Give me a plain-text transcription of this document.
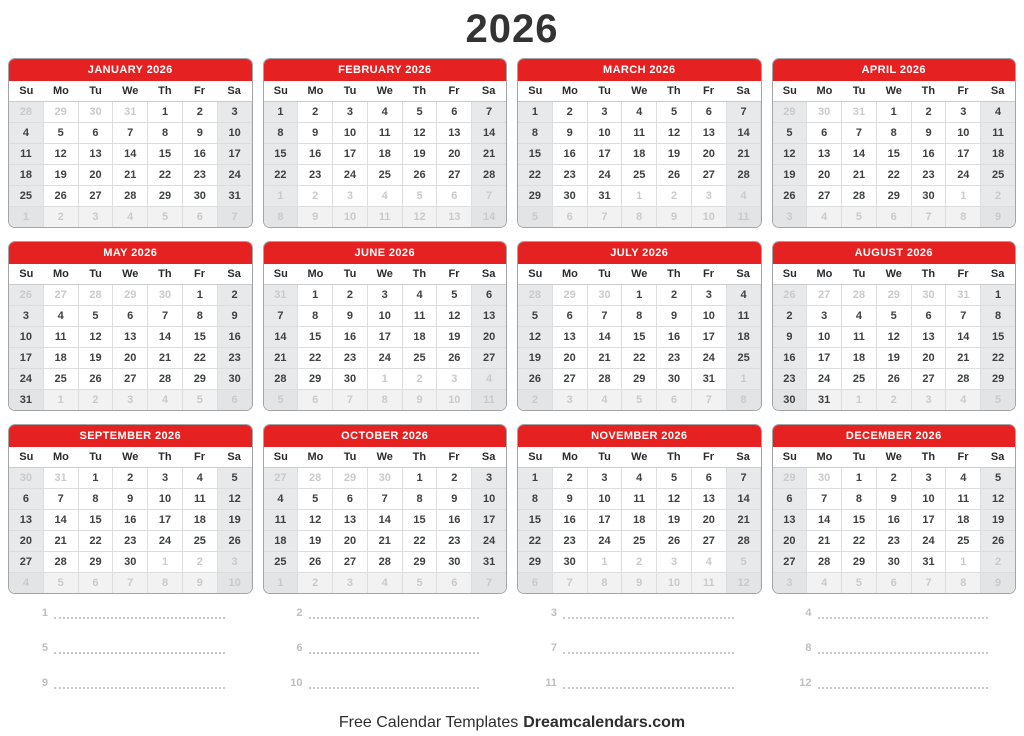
2026
JANUARY 2026
Su	Mo	Tu	We	Th	Fr	Sa
28	29	30	31	1	2	3
4	5	6	7	8	9	10
11	12	13	14	15	16	17
18	19	20	21	22	23	24
25	26	27	28	29	30	31
1	2	3	4	5	6	7
FEBRUARY 2026
Su	Mo	Tu	We	Th	Fr	Sa
1	2	3	4	5	6	7
8	9	10	11	12	13	14
15	16	17	18	19	20	21
22	23	24	25	26	27	28
1	2	3	4	5	6	7
8	9	10	11	12	13	14
MARCH 2026
Su	Mo	Tu	We	Th	Fr	Sa
1	2	3	4	5	6	7
8	9	10	11	12	13	14
15	16	17	18	19	20	21
22	23	24	25	26	27	28
29	30	31	1	2	3	4
5	6	7	8	9	10	11
APRIL 2026
Su	Mo	Tu	We	Th	Fr	Sa
29	30	31	1	2	3	4
5	6	7	8	9	10	11
12	13	14	15	16	17	18
19	20	21	22	23	24	25
26	27	28	29	30	1	2
3	4	5	6	7	8	9
MAY 2026
Su	Mo	Tu	We	Th	Fr	Sa
26	27	28	29	30	1	2
3	4	5	6	7	8	9
10	11	12	13	14	15	16
17	18	19	20	21	22	23
24	25	26	27	28	29	30
31	1	2	3	4	5	6
JUNE 2026
Su	Mo	Tu	We	Th	Fr	Sa
31	1	2	3	4	5	6
7	8	9	10	11	12	13
14	15	16	17	18	19	20
21	22	23	24	25	26	27
28	29	30	1	2	3	4
5	6	7	8	9	10	11
JULY 2026
Su	Mo	Tu	We	Th	Fr	Sa
28	29	30	1	2	3	4
5	6	7	8	9	10	11
12	13	14	15	16	17	18
19	20	21	22	23	24	25
26	27	28	29	30	31	1
2	3	4	5	6	7	8
AUGUST 2026
Su	Mo	Tu	We	Th	Fr	Sa
26	27	28	29	30	31	1
2	3	4	5	6	7	8
9	10	11	12	13	14	15
16	17	18	19	20	21	22
23	24	25	26	27	28	29
30	31	1	2	3	4	5
SEPTEMBER 2026
Su	Mo	Tu	We	Th	Fr	Sa
30	31	1	2	3	4	5
6	7	8	9	10	11	12
13	14	15	16	17	18	19
20	21	22	23	24	25	26
27	28	29	30	1	2	3
4	5	6	7	8	9	10
OCTOBER 2026
Su	Mo	Tu	We	Th	Fr	Sa
27	28	29	30	1	2	3
4	5	6	7	8	9	10
11	12	13	14	15	16	17
18	19	20	21	22	23	24
25	26	27	28	29	30	31
1	2	3	4	5	6	7
NOVEMBER 2026
Su	Mo	Tu	We	Th	Fr	Sa
1	2	3	4	5	6	7
8	9	10	11	12	13	14
15	16	17	18	19	20	21
22	23	24	25	26	27	28
29	30	1	2	3	4	5
6	7	8	9	10	11	12
DECEMBER 2026
Su	Mo	Tu	We	Th	Fr	Sa
29	30	1	2	3	4	5
6	7	8	9	10	11	12
13	14	15	16	17	18	19
20	21	22	23	24	25	26
27	28	29	30	31	1	2
3	4	5	6	7	8	9
1	2	3	4
5	6	7	8
9	10	11	12
Free Calendar Templates Dreamcalendars.com
